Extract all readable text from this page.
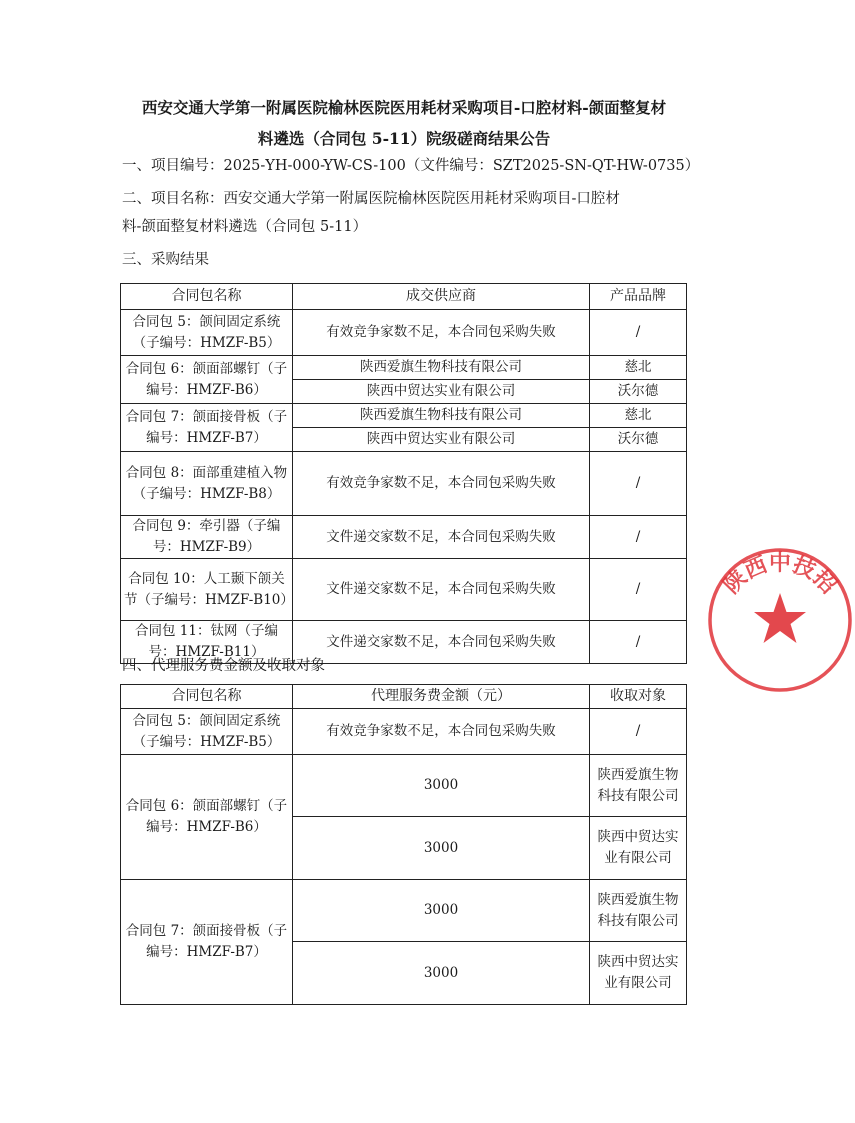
西安交通大学第一附属医院榆林医院医用耗材采购项目-口腔材料-颌面整复材
料遴选（合同包 5-11）院级磋商结果公告
一、项目编号：2025-YH-000-YW-CS-100（文件编号：SZT2025-SN-QT-HW-0735）
二、项目名称：西安交通大学第一附属医院榆林医院医用耗材采购项目-口腔材
料-颌面整复材料遴选（合同包 5-11）
三、采购结果
合同包名称	成交供应商	产品品牌
合同包 5：颌间固定系统（子编号：HMZF-B5）	有效竞争家数不足，本合同包采购失败	/
合同包 6：颌面部螺钉（子编号：HMZF-B6）	陕西爱旗生物科技有限公司	慈北
	陕西中贸达实业有限公司	沃尔德
合同包 7：颌面接骨板（子编号：HMZF-B7）	陕西爱旗生物科技有限公司	慈北
	陕西中贸达实业有限公司	沃尔德
合同包 8：面部重建植入物（子编号：HMZF-B8）	有效竞争家数不足，本合同包采购失败	/
合同包 9：牵引器（子编号：HMZF-B9）	文件递交家数不足，本合同包采购失败	/
合同包 10：人工颞下颌关节（子编号：HMZF-B10）	文件递交家数不足，本合同包采购失败	/
合同包 11：钛网（子编号：HMZF-B11）	文件递交家数不足，本合同包采购失败	/
四、代理服务费金额及收取对象
合同包名称	代理服务费金额（元）	收取对象
合同包 5：颌间固定系统（子编号：HMZF-B5）	有效竞争家数不足，本合同包采购失败	/
合同包 6：颌面部螺钉（子编号：HMZF-B6）	3000	陕西爱旗生物科技有限公司
	3000	陕西中贸达实业有限公司
合同包 7：颌面接骨板（子编号：HMZF-B7）	3000	陕西爱旗生物科技有限公司
	3000	陕西中贸达实业有限公司
陕西中技招
